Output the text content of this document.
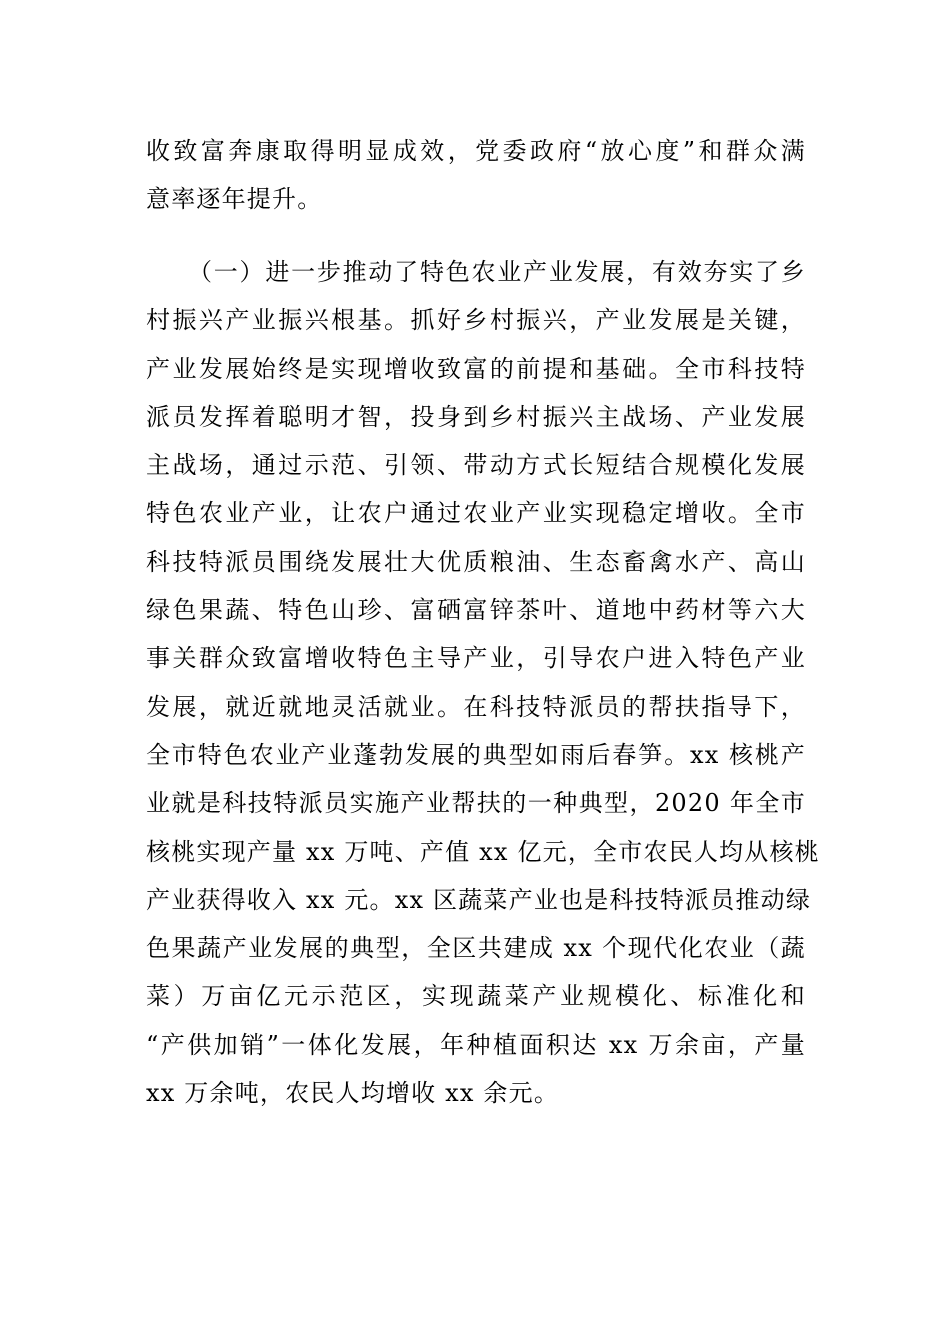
收致富奔康取得明显成效，党委政府“放心度”和群众满
意率逐年提升。
（一）进一步推动了特色农业产业发展，有效夯实了乡
村振兴产业振兴根基。抓好乡村振兴，产业发展是关键，
产业发展始终是实现增收致富的前提和基础。全市科技特
派员发挥着聪明才智，投身到乡村振兴主战场、产业发展
主战场，通过示范、引领、带动方式长短结合规模化发展
特色农业产业，让农户通过农业产业实现稳定增收。全市
科技特派员围绕发展壮大优质粮油、生态畜禽水产、高山
绿色果蔬、特色山珍、富硒富锌茶叶、道地中药材等六大
事关群众致富增收特色主导产业，引导农户进入特色产业
发展，就近就地灵活就业。在科技特派员的帮扶指导下，
全市特色农业产业蓬勃发展的典型如雨后春笋。xx 核桃产
业就是科技特派员实施产业帮扶的一种典型，2020 年全市
核桃实现产量 xx 万吨、产值 xx 亿元，全市农民人均从核桃
产业获得收入 xx 元。xx 区蔬菜产业也是科技特派员推动绿
色果蔬产业发展的典型，全区共建成 xx 个现代化农业（蔬
菜）万亩亿元示范区，实现蔬菜产业规模化、标准化和
“产供加销”一体化发展，年种植面积达 xx 万余亩，产量
xx 万余吨，农民人均增收 xx 余元。
